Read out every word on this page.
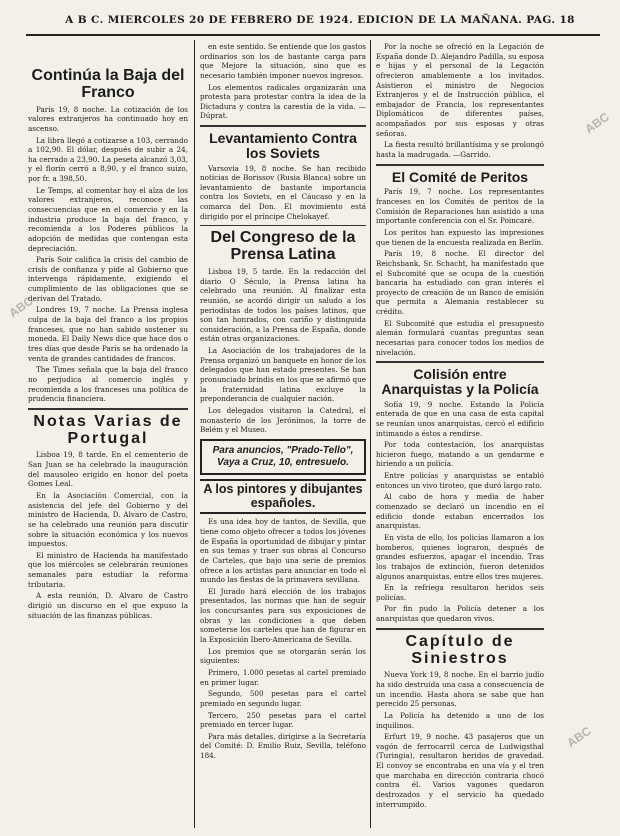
ABC
ABC
ABC
A B C. MIERCOLES 20 DE FEBRERO DE 1924. EDICION DE LA MAÑANA. PAG. 18
Continúa la Baja del Franco

París 19, 8 noche. La cotización de los valores extranjeros ha continuado hoy en ascenso.

La libra llegó a cotizarse a 103, cerrando a 102,90. El dólar, después de subir a 24, ha cerrado a 23,90. La peseta alcanzó 3,03, y el florín cerró a 8,90, y el franco suizo, por fr. a 398,50.

Le Temps, al comentar hoy el alza de los valores extranjeros, reconoce las consecuencias que en el comercio y en la industria produce la baja del franco, y recomienda a los Poderes públicos la adopción de medidas que contengan esta depreciación.

París Soir califica la crisis del cambio de crisis de confianza y pide al Gobierno que intervenga rápidamente, exigiendo el cumplimiento de las obligaciones que se derivan del Tratado.

Londres 19, 7 noche. La Prensa inglesa culpa de la baja del franco a los propios franceses, que no han sabido sostener su moneda. El Daily News dice que hace dos o tres días que desde París se ha ordenado la venta de grandes cantidades de francos.

The Times señala que la baja del franco no perjudica al comercio inglés y recomienda a los franceses una política de prudencia financiera.

Notas Varias de Portugal

Lisboa 19, 8 tarde. En el cementerio de San Juan se ha celebrado la inauguración del mausoleo erigido en honor del poeta Gomes Leal.

En la Asociación Comercial, con la asistencia del jefe del Gobierno y del ministro de Hacienda, D. Alvaro de Castro, se ha celebrado una reunión para discutir sobre la situación económica y los nuevos impuestos.

El ministro de Hacienda ha manifestado que los miércoles se celebrarán reuniones semanales para estudiar la reforma tributaria.

A esta reunión, D. Alvaro de Castro dirigió un discurso en el que expuso la situación de las finanzas públicas.

en este sentido. Se entiende que los gastos ordinarios son los de bastante carga para que Mejore la situación, sino que es necesario también imponer nuevos ingresos.

Los elementos radicales organizarán una protesta para protestar contra la idea de la Dictadura y contra la carestía de la vida. —Dúprat.

Levantamiento Contra los Soviets

Varsovia 19, 8 noche. Se han recibido noticias de Borissov (Rusia Blanca) sobre un levantamiento de bastante importancia contra los Soviets, en el Cáucaso y en la comarca del Don. El movimiento está dirigido por el príncipe Chelokayef.

Del Congreso de la Prensa Latina

Lisboa 19, 5 tarde. En la redacción del diario O Século, la Prensa latina ha celebrado una reunión. Al finalizar esta reunión, se acordó dirigir un saludo a los periodistas de todos los países latinos, que son tan honrados, con cariño y distinguida consideración, a la Prensa de España, donde están otras organizaciones.

La Asociación de los trabajadores de la Prensa organizó un banquete en honor de los delegados que han estado presentes. Se han pronunciado brindis en los que se afirmó que la fraternidad latina excluye la preponderancia de cualquier nación.

Los delegados visitaron la Catedral, el monasterio de los Jerónimos, la torre de Belém y el Museo.

Para anuncios, "Prado-Tello", Vaya a Cruz, 10, entresuelo.
A los pintores y dibujantes españoles.

Es una idea hoy de tantos, de Sevilla, que tiene como objeto ofrecer a todos los jóvenes de España la oportunidad de dibujar y pintar en sus temas y traer sus obras al Concurso de Carteles, que bajo una serie de premios ofrece a los artistas para anunciar en todo el mundo las fiestas de la primavera sevillana.

El Jurado hará elección de los trabajos presentados, las normas que han de seguir los concursantes para sus exposiciones de obras y las condiciones a que deben someterse los carteles que han de figurar en la Exposición Ibero-Americana de Sevilla.

Los premios que se otorgarán serán los siguientes:

Primero, 1.000 pesetas al cartel premiado en primer lugar.

Segundo, 500 pesetas para el cartel premiado en segundo lugar.

Tercero, 250 pesetas para el cartel premiado en tercer lugar.

Para más detalles, dirigirse a la Secretaría del Comité: D. Emilio Ruiz, Sevilla, teléfono 184.

Por la noche se ofreció en la Legación de España donde D. Alejandro Padilla, su esposa e hijas y el personal de la Legación ofrecieron amablemente a los invitados. Asistieron el ministro de Negocios Extranjeros y el de Instrucción pública, el embajador de Francia, los representantes Diplomáticos de diferentes países, acompañados por sus esposas y otras señoras.

La fiesta resultó brillantísima y se prolongó hasta la madrugada. —Garrido.

El Comité de Peritos

París 19, 7 noche. Los representantes franceses en los Comités de peritos de la Comisión de Reparaciones han asistido a una importante conferencia con el Sr. Poincaré.

Los peritos han expuesto las impresiones que tienen de la encuesta realizada en Berlín.

París 19, 8 noche. El director del Reichsbank, Sr. Schacht, ha manifestado que el Subcomité que se ocupa de la cuestión bancaria ha estudiado con gran interés el proyecto de creación de un Banco de emisión que permita a Alemania restablecer su crédito.

El Subcomité que estudia el presupuesto alemán formulará cuantas preguntas sean necesarias para conocer todos los medios de nivelación.

Colisión entre Anarquistas y la Policía

Sofía 19, 9 noche. Estando la Policía enterada de que en una casa de esta capital se reunían unos anarquistas, cercó el edificio intimando a éstos a rendirse.

Por toda contestación, los anarquistas hicieron fuego, matando a un gendarme e hiriendo a un policía.

Entre policías y anarquistas se entabló entonces un vivo tiroteo, que duró largo rato.

Al cabo de hora y media de haber comenzado se declaró un incendio en el edificio donde estaban encerrados los anarquistas.

En vista de ello, los policías llamaron a los bomberos, quienes lograron, después de grandes esfuerzos, apagar el incendio. Tras los trabajos de extinción, fueron detenidos algunos anarquistas, entre ellos tres mujeres.

En la refriega resultaron heridos seis policías.

Por fin pudo la Policía detener a los anarquistas que quedaron vivos.

Capítulo de Siniestros

Nueva York 19, 8 noche. En el barrio judío ha sido destruida una casa a consecuencia de un incendio. Hasta ahora se sabe que han perecido 25 personas.

La Policía ha detenido a uno de los inquilinos.

Erfurt 19, 9 noche. 43 pasajeros que un vagón de ferrocarril cerca de Ludwigsthal (Turingia), resultaron heridos de gravedad. El convoy se encontraba en una vía y el tren que marchaba en dirección contraria chocó contra él. Varios vagones quedaron destrozados y el servicio ha quedado interrumpido.
